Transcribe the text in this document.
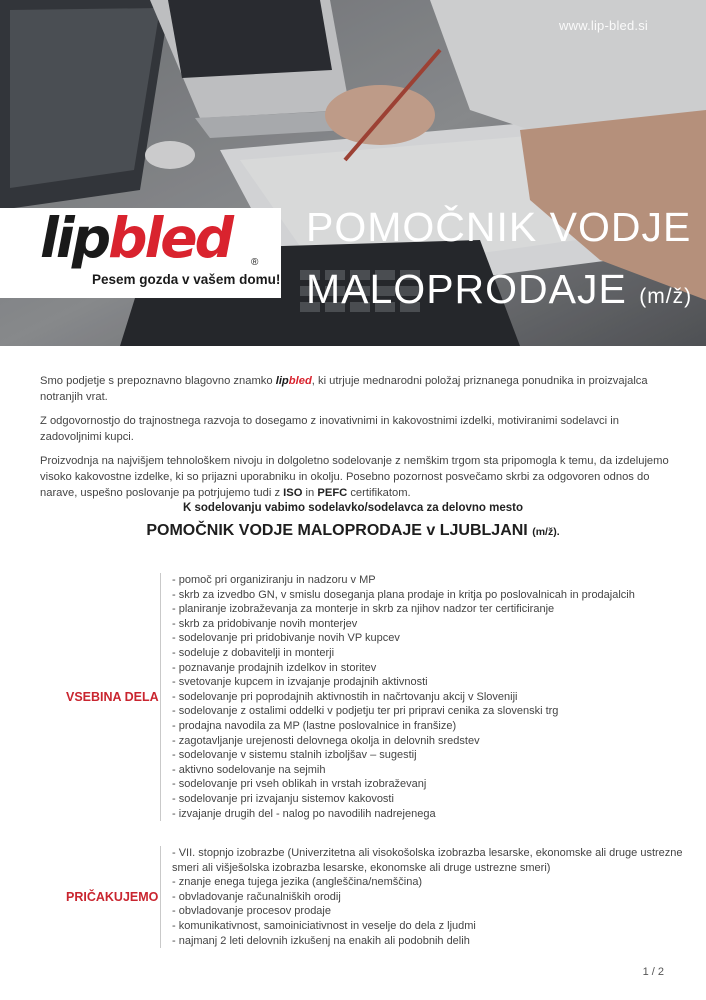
www.lip-bled.si
lipbled ®
Pesem gozda v vašem domu!
POMOČNIK VODJE
MALOPRODAJE (m/ž)

Smo podjetje s prepoznavno blagovno znamko lipbled, ki utrjuje mednarodni položaj priznanega ponudnika in proizvajalca notranjih vrat.

Z odgovornostjo do trajnostnega razvoja to dosegamo z inovativnimi in kakovostnimi izdelki, motiviranimi sodelavci in zadovoljnimi kupci.

Proizvodnja na najvišjem tehnološkem nivoju in dolgoletno sodelovanje z nemškim trgom sta pripomogla k temu, da izdelujemo visoko kakovostne izdelke, ki so prijazni uporabniku in okolju. Posebno pozornost posvečamo skrbi za odgovoren odnos do narave, uspešno poslovanje pa potrjujemo tudi z ISO in PEFC certifikatom.

K sodelovanju vabimo sodelavko/sodelavca za delovno mesto
POMOČNIK VODJE MALOPRODAJE v LJUBLJANI (m/ž).
VSEBINA DELA
- pomoč pri organiziranju in nadzoru v MP
- skrb za izvedbo GN, v smislu doseganja plana prodaje in kritja po poslovalnicah in prodajalcih
- planiranje izobraževanja za monterje in skrb za njihov nadzor ter certificiranje
- skrb za pridobivanje novih monterjev
- sodelovanje pri pridobivanje novih VP kupcev
- sodeluje z dobavitelji in monterji
- poznavanje prodajnih izdelkov in storitev
- svetovanje kupcem in izvajanje prodajnih aktivnosti
- sodelovanje pri poprodajnih aktivnostih in načrtovanju akcij v Sloveniji
- sodelovanje z ostalimi oddelki v podjetju ter pri pripravi cenika za slovenski trg
- prodajna navodila za MP (lastne poslovalnice in franšize)
- zagotavljanje urejenosti delovnega okolja in delovnih sredstev
- sodelovanje v sistemu stalnih izboljšav – sugestij
- aktivno sodelovanje na sejmih
- sodelovanje pri vseh oblikah in vrstah izobraževanj
- sodelovanje pri izvajanju sistemov kakovosti
- izvajanje drugih del - nalog po navodilih nadrejenega
PRIČAKUJEMO
- VII. stopnjo izobrazbe (Univerzitetna ali visokošolska izobrazba lesarske, ekonomske ali druge ustrezne smeri ali višješolska izobrazba lesarske, ekonomske ali druge ustrezne smeri)
- znanje enega tujega jezika (angleščina/nemščina)
- obvladovanje računalniških orodij
- obvladovanje procesov prodaje
- komunikativnost, samoiniciativnost in veselje do dela z ljudmi
- najmanj 2 leti delovnih izkušenj na enakih ali podobnih delih
1 / 2
